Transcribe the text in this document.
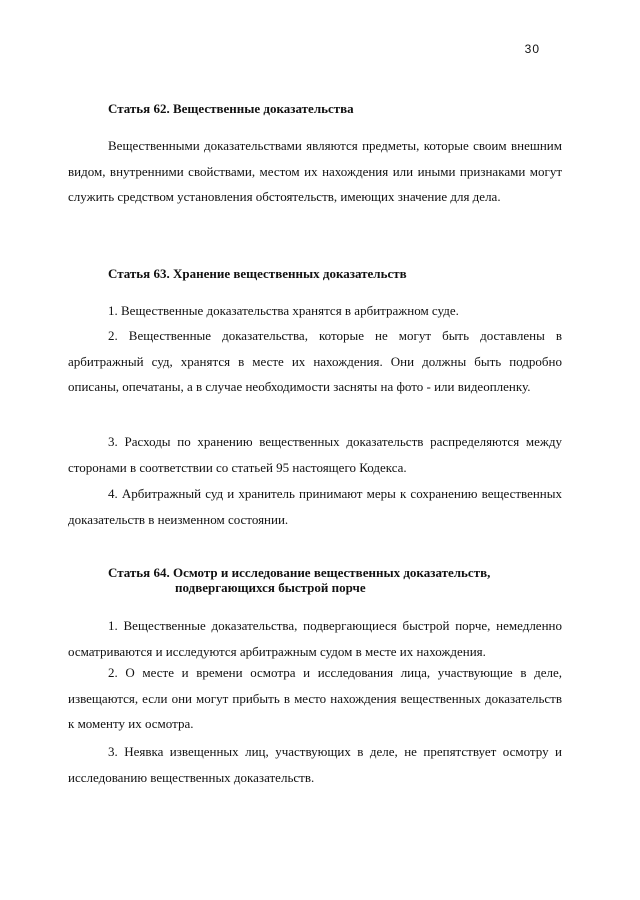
30
Статья 62. Вещественные доказательства

Вещественными доказательствами являются предметы, которые своим внешним видом, внутренними свойствами, местом их нахождения или иными признаками могут служить средством установления обстоятельств, имеющих значение для дела.

Статья 63. Хранение вещественных доказательств

1. Вещественные доказательства хранятся в арбитражном суде.

2. Вещественные доказательства, которые не могут быть доставлены в арбитражный суд, хранятся в месте их нахождения. Они должны быть подробно описаны, опечатаны, а в случае необходимости засняты на фото - или видеопленку.

3. Расходы по хранению вещественных доказательств распределяются между сторонами в соответствии со статьей 95 настоящего Кодекса.

4. Арбитражный суд и хранитель принимают меры к сохранению вещественных доказательств в неизменном состоянии.

Статья 64. Осмотр и исследование вещественных доказательств,
подвергающихся быстрой порче

1. Вещественные доказательства, подвергающиеся быстрой порче, немедленно осматриваются и исследуются арбитражным судом в месте их нахождения.

2. О месте и времени осмотра и исследования лица, участвующие в деле, извещаются, если они могут прибыть в место нахождения вещественных доказательств к моменту их осмотра.

3. Неявка извещенных лиц, участвующих в деле, не препятствует осмотру и исследованию вещественных доказательств.
